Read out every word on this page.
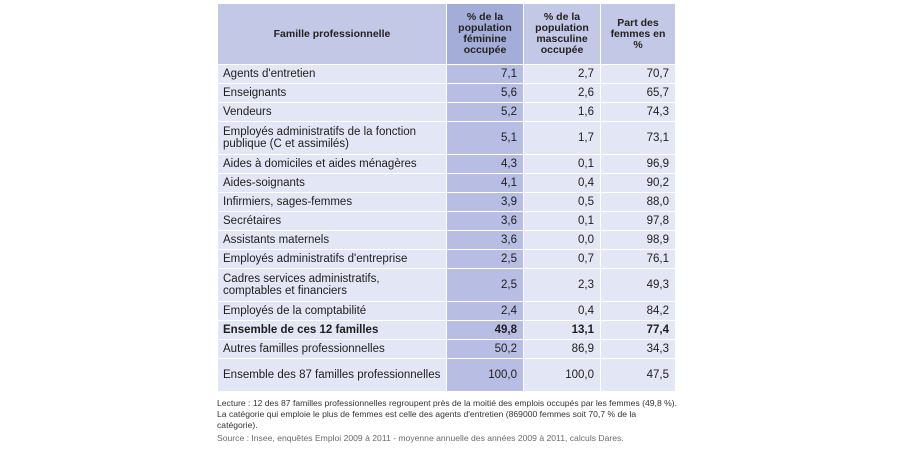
Famille professionnelle	% de la population féminine occupée	% de la population masculine occupée	Part des femmes en %
Agents d'entretien	7,1	2,7	70,7
Enseignants	5,6	2,6	65,7
Vendeurs	5,2	1,6	74,3
Employés administratifs de la fonction publique (C et assimilés)	5,1	1,7	73,1
Aides à domiciles et aides ménagères	4,3	0,1	96,9
Aides-soignants	4,1	0,4	90,2
Infirmiers, sages-femmes	3,9	0,5	88,0
Secrétaires	3,6	0,1	97,8
Assistants maternels	3,6	0,0	98,9
Employés administratifs d'entreprise	2,5	0,7	76,1
Cadres services administratifs, comptables et financiers	2,5	2,3	49,3
Employés de la comptabilité	2,4	0,4	84,2
Ensemble de ces 12 familles	49,8	13,1	77,4
Autres familles professionnelles	50,2	86,9	34,3
Ensemble des 87 familles professionnelles	100,0	100,0	47,5
Lecture : 12 des 87 familles professionnelles regroupent près de la moitié des emplois occupés par les femmes (49,8 %). La catégorie qui emploie le plus de femmes est celle des agents d'entretien (869000 femmes soit 70,7 % de la catégorie).
Source : Insee, enquêtes Emploi 2009 à 2011 - moyenne annuelle des années 2009 à 2011, calculs Dares.
